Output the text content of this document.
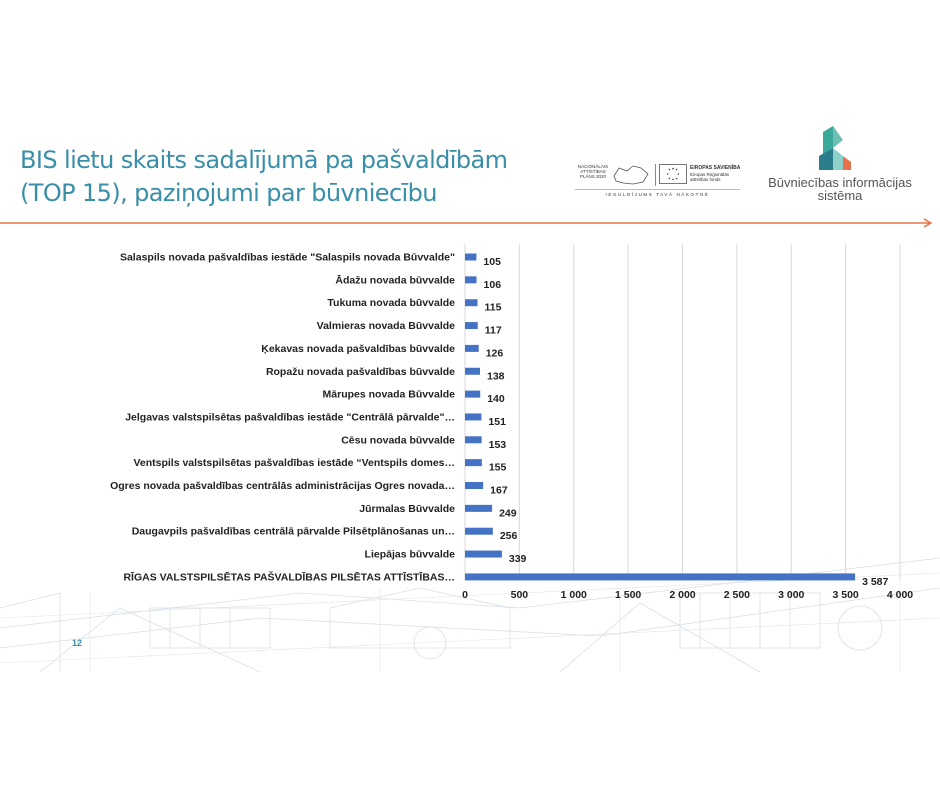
BIS lietu skaits sadalījumā pa pašvaldībām
(TOP 15), paziņojumi par būvniecību
NACIONĀLAIS ATTĪSTĪBAS PLĀNS 2020
EIROPAS SAVIENĪBA
Eiropas Reģionālās attīstības fonds
IEGULDĪJUMS TAVĀ NĀKOTNĒ
Būvniecības informācijas
sistēma
0	500	1 000	1 500	2 000	2 500	3 000	3 500	4 000
Salaspils novada pašvaldības iestāde "Salaspils novada Būvvalde"	105
Ādažu novada būvvalde	106
Tukuma novada būvvalde	115
Valmieras novada Būvvalde	117
Ķekavas novada pašvaldības būvvalde	126
Ropažu novada pašvaldības būvvalde	138
Mārupes novada Būvvalde	140
Jelgavas valstspilsētas pašvaldības iestāde "Centrālā pārvalde"…	151
Cēsu novada būvvalde	153
Ventspils valstspilsētas pašvaldības iestāde “Ventspils domes…	155
Ogres novada pašvaldības centrālās administrācijas Ogres novada…	167
Jūrmalas Būvvalde	249
Daugavpils pašvaldības centrālā pārvalde Pilsētplānošanas un…	256
Liepājas būvvalde	339
RĪGAS VALSTSPILSĒTAS PAŠVALDĪBAS PILSĒTAS ATTĪSTĪBAS…	3 587
12
